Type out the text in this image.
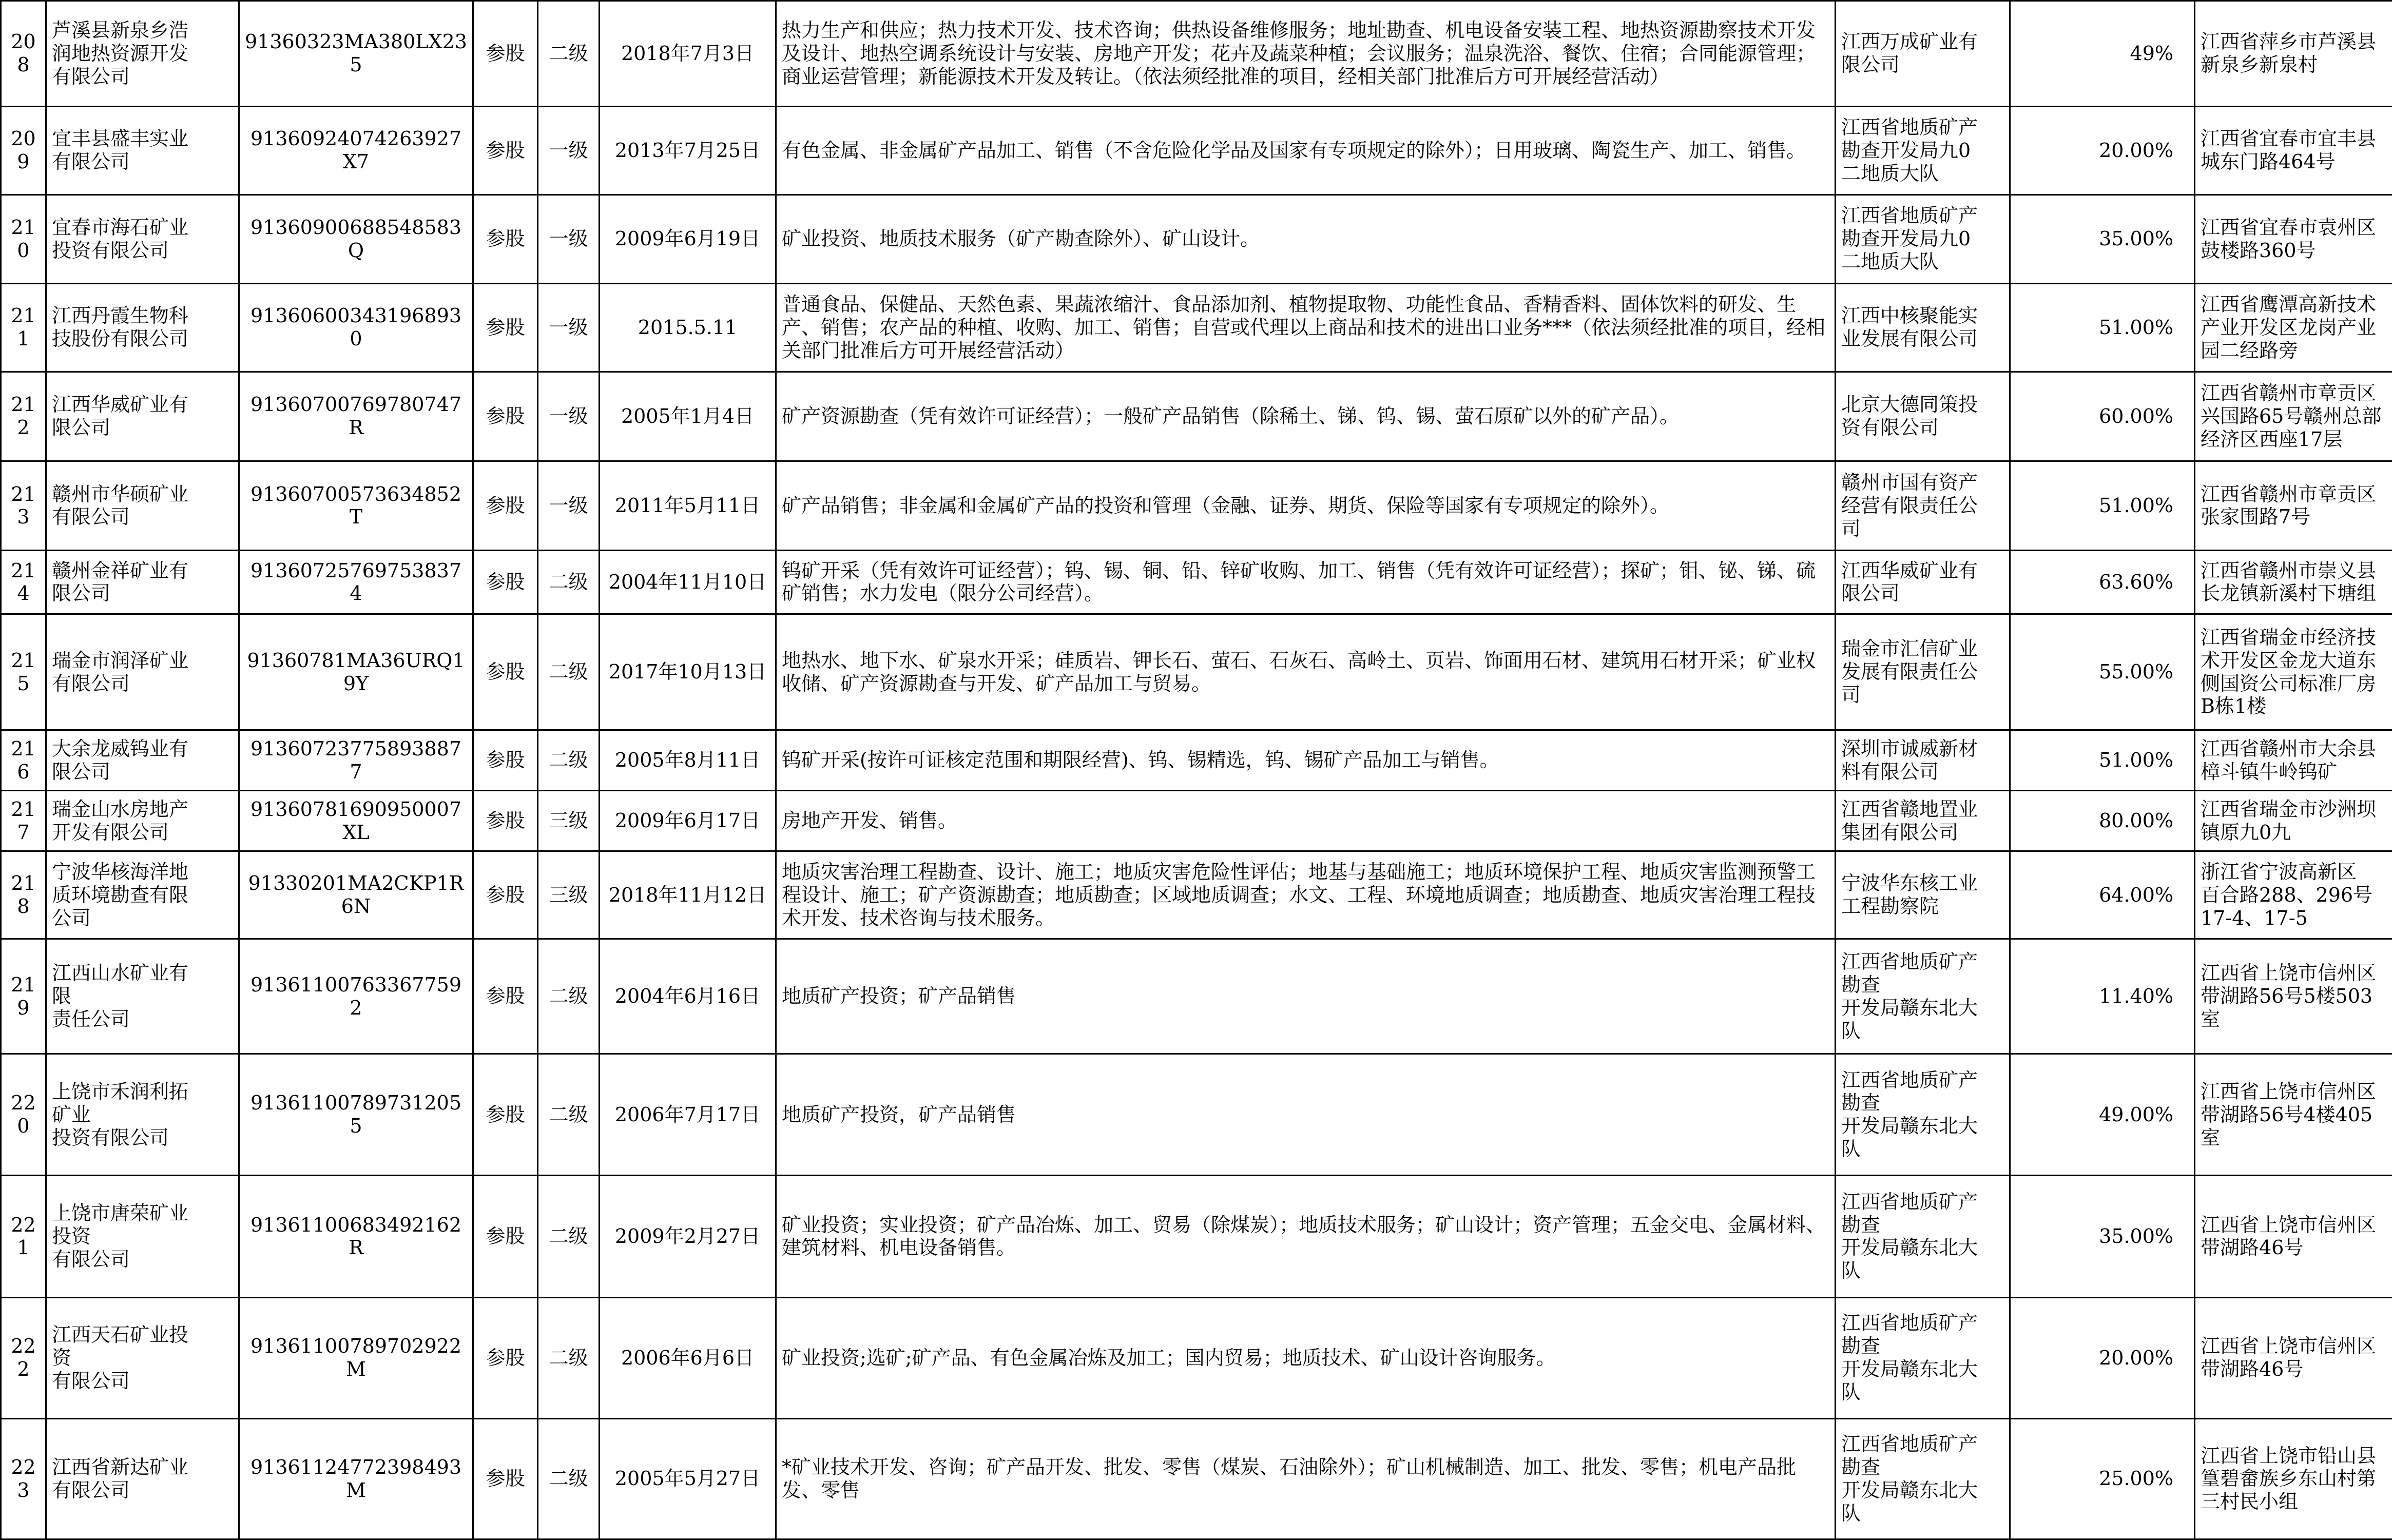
208	芦溪县新泉乡浩
润地热资源开发
有限公司	91360323MA380LX235	参股	二级	2018年7月3日	热力生产和供应；热力技术开发、技术咨询；供热设备维修服务；地址勘查、机电设备安装工程、地热资源勘察技术开发及设计、地热空调系统设计与安装、房地产开发；花卉及蔬菜种植；会议服务；温泉洗浴、餐饮、住宿；合同能源管理；商业运营管理；新能源技术开发及转让。（依法须经批准的项目，经相关部门批准后方可开展经营活动）	江西万成矿业有
限公司	49%	江西省萍乡市芦溪县
新泉乡新泉村
209	宜丰县盛丰实业
有限公司	91360924074263927X7	参股	一级	2013年7月25日	有色金属、非金属矿产品加工、销售（不含危险化学品及国家有专项规定的除外）；日用玻璃、陶瓷生产、加工、销售。	江西省地质矿产
勘查开发局九0
二地质大队	20.00%	江西省宜春市宜丰县
城东门路464号
210	宜春市海石矿业
投资有限公司	91360900688548583Q	参股	一级	2009年6月19日	矿业投资、地质技术服务（矿产勘查除外）、矿山设计。	江西省地质矿产
勘查开发局九0
二地质大队	35.00%	江西省宜春市袁州区
鼓楼路360号
211	江西丹霞生物科
技股份有限公司	913606003431968930	参股	一级	2015.5.11	普通食品、保健品、天然色素、果蔬浓缩汁、食品添加剂、植物提取物、功能性食品、香精香料、固体饮料的研发、生产、销售；农产品的种植、收购、加工、销售；自营或代理以上商品和技术的进出口业务***（依法须经批准的项目，经相关部门批准后方可开展经营活动）	江西中核聚能实
业发展有限公司	51.00%	江西省鹰潭高新技术
产业开发区龙岗产业
园二经路旁
212	江西华威矿业有
限公司	91360700769780747R	参股	一级	2005年1月4日	矿产资源勘查（凭有效许可证经营）；一般矿产品销售（除稀土、锑、钨、锡、萤石原矿以外的矿产品）。	北京大德同策投
资有限公司	60.00%	江西省赣州市章贡区
兴国路65号赣州总部
经济区西座17层
213	赣州市华硕矿业
有限公司	91360700573634852T	参股	一级	2011年5月11日	矿产品销售；非金属和金属矿产品的投资和管理（金融、证券、期货、保险等国家有专项规定的除外）。	赣州市国有资产
经营有限责任公
司	51.00%	江西省赣州市章贡区
张家围路7号
214	赣州金祥矿业有
限公司	913607257697538374	参股	二级	2004年11月10日	钨矿开采（凭有效许可证经营）；钨、锡、铜、铅、锌矿收购、加工、销售（凭有效许可证经营）；探矿；钼、铋、锑、硫矿销售；水力发电（限分公司经营）。	江西华威矿业有
限公司	63.60%	江西省赣州市崇义县
长龙镇新溪村下塘组
215	瑞金市润泽矿业
有限公司	91360781MA36URQ19Y	参股	二级	2017年10月13日	地热水、地下水、矿泉水开采；硅质岩、钾长石、萤石、石灰石、高岭土、页岩、饰面用石材、建筑用石材开采；矿业权收储、矿产资源勘查与开发、矿产品加工与贸易。	瑞金市汇信矿业
发展有限责任公
司	55.00%	江西省瑞金市经济技
术开发区金龙大道东
侧国资公司标准厂房
B栋1楼
216	大余龙威钨业有
限公司	913607237758938877	参股	二级	2005年8月11日	钨矿开采(按许可证核定范围和期限经营)、钨、锡精选，钨、锡矿产品加工与销售。	深圳市诚威新材
料有限公司	51.00%	江西省赣州市大余县
樟斗镇牛岭钨矿
217	瑞金山水房地产
开发有限公司	91360781690950007XL	参股	三级	2009年6月17日	房地产开发、销售。	江西省赣地置业
集团有限公司	80.00%	江西省瑞金市沙洲坝
镇原九0九
218	宁波华核海洋地
质环境勘查有限
公司	91330201MA2CKP1R6N	参股	三级	2018年11月12日	地质灾害治理工程勘查、设计、施工；地质灾害危险性评估；地基与基础施工；地质环境保护工程、地质灾害监测预警工程设计、施工；矿产资源勘查；地质勘查；区域地质调查；水文、工程、环境地质调查；地质勘查、地质灾害治理工程技术开发、技术咨询与技术服务。	宁波华东核工业
工程勘察院	64.00%	浙江省宁波高新区
百合路288、296号
17-4、17-5
219	江西山水矿业有
限
责任公司	913611007633677592	参股	二级	2004年6月16日	地质矿产投资；矿产品销售	江西省地质矿产
勘查
开发局赣东北大
队	11.40%	江西省上饶市信州区
带湖路56号5楼503室
220	上饶市禾润利拓
矿业
投资有限公司	913611007897312055	参股	二级	2006年7月17日	地质矿产投资，矿产品销售	江西省地质矿产
勘查
开发局赣东北大
队	49.00%	江西省上饶市信州区
带湖路56号4楼405室
221	上饶市唐荣矿业
投资
有限公司	91361100683492162R	参股	二级	2009年2月27日	矿业投资；实业投资；矿产品冶炼、加工、贸易（除煤炭）；地质技术服务；矿山设计；资产管理；五金交电、金属材料、建筑材料、机电设备销售。	江西省地质矿产
勘查
开发局赣东北大
队	35.00%	江西省上饶市信州区
带湖路46号
222	江西天石矿业投
资
有限公司	91361100789702922M	参股	二级	2006年6月6日	矿业投资;选矿;矿产品、有色金属冶炼及加工；国内贸易；地质技术、矿山设计咨询服务。	江西省地质矿产
勘查
开发局赣东北大
队	20.00%	江西省上饶市信州区
带湖路46号
223	江西省新达矿业
有限公司	91361124772398493M	参股	二级	2005年5月27日	*矿业技术开发、咨询；矿产品开发、批发、零售（煤炭、石油除外）；矿山机械制造、加工、批发、零售；机电产品批发、零售	江西省地质矿产
勘查
开发局赣东北大
队	25.00%	江西省上饶市铅山县
篁碧畲族乡东山村第
三村民小组
